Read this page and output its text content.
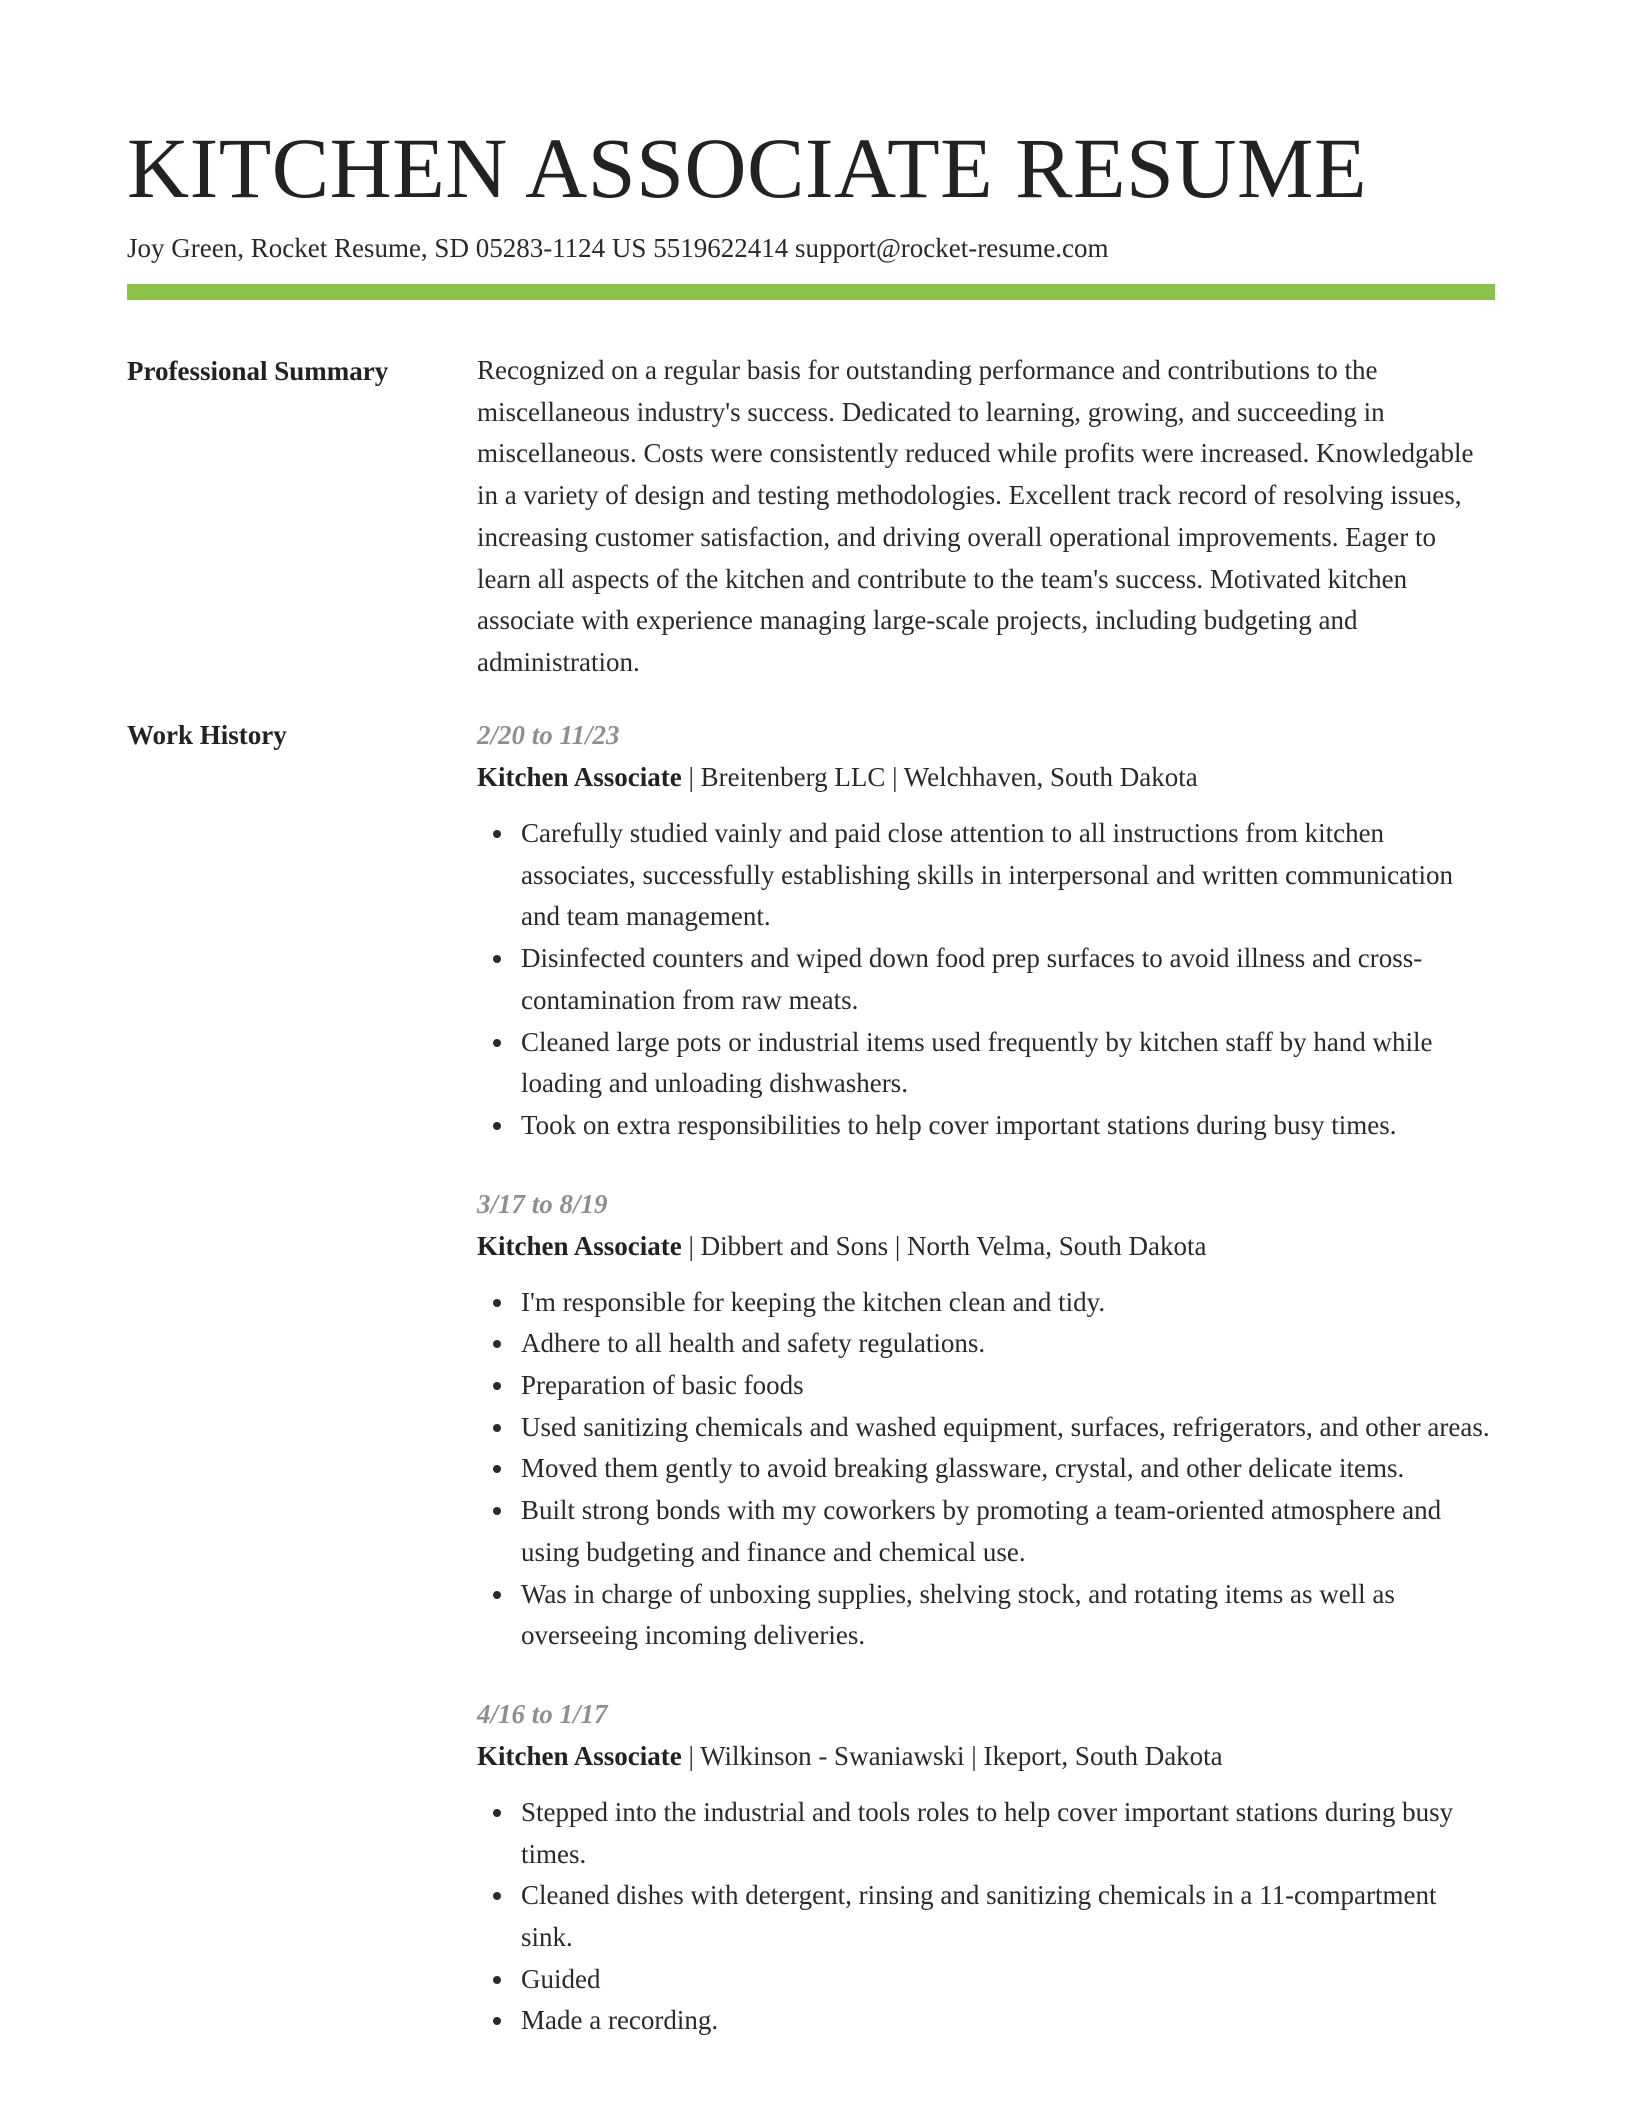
KITCHEN ASSOCIATE RESUME
Joy Green, Rocket Resume, SD 05283-1124 US 5519622414 support@rocket-resume.com
Professional Summary	Recognized on a regular basis for outstanding performance and contributions to the miscellaneous industry's success. Dedicated to learning, growing, and succeeding in miscellaneous. Costs were consistently reduced while profits were increased. Knowledgable in a variety of design and testing methodologies. Excellent track record of resolving issues, increasing customer satisfaction, and driving overall operational improvements. Eager to learn all aspects of the kitchen and contribute to the team's success. Motivated kitchen associate with experience managing large-scale projects, including budgeting and administration.

Work History	2/20 to 11/23
Kitchen Associate | Breitenberg LLC | Welchhaven, South Dakota
Carefully studied vainly and paid close attention to all instructions from kitchen associates, successfully establishing skills in interpersonal and written communication and team management.
Disinfected counters and wiped down food prep surfaces to avoid illness and cross-contamination from raw meats.
Cleaned large pots or industrial items used frequently by kitchen staff by hand while loading and unloading dishwashers.
Took on extra responsibilities to help cover important stations during busy times.
3/17 to 8/19
Kitchen Associate | Dibbert and Sons | North Velma, South Dakota
I'm responsible for keeping the kitchen clean and tidy.
Adhere to all health and safety regulations.
Preparation of basic foods
Used sanitizing chemicals and washed equipment, surfaces, refrigerators, and other areas.
Moved them gently to avoid breaking glassware, crystal, and other delicate items.
Built strong bonds with my coworkers by promoting a team-oriented atmosphere and using budgeting and finance and chemical use.
Was in charge of unboxing supplies, shelving stock, and rotating items as well as overseeing incoming deliveries.
4/16 to 1/17
Kitchen Associate | Wilkinson - Swaniawski | Ikeport, South Dakota
Stepped into the industrial and tools roles to help cover important stations during busy times.
Cleaned dishes with detergent, rinsing and sanitizing chemicals in a 11-compartment sink.
Guided
Made a recording.
